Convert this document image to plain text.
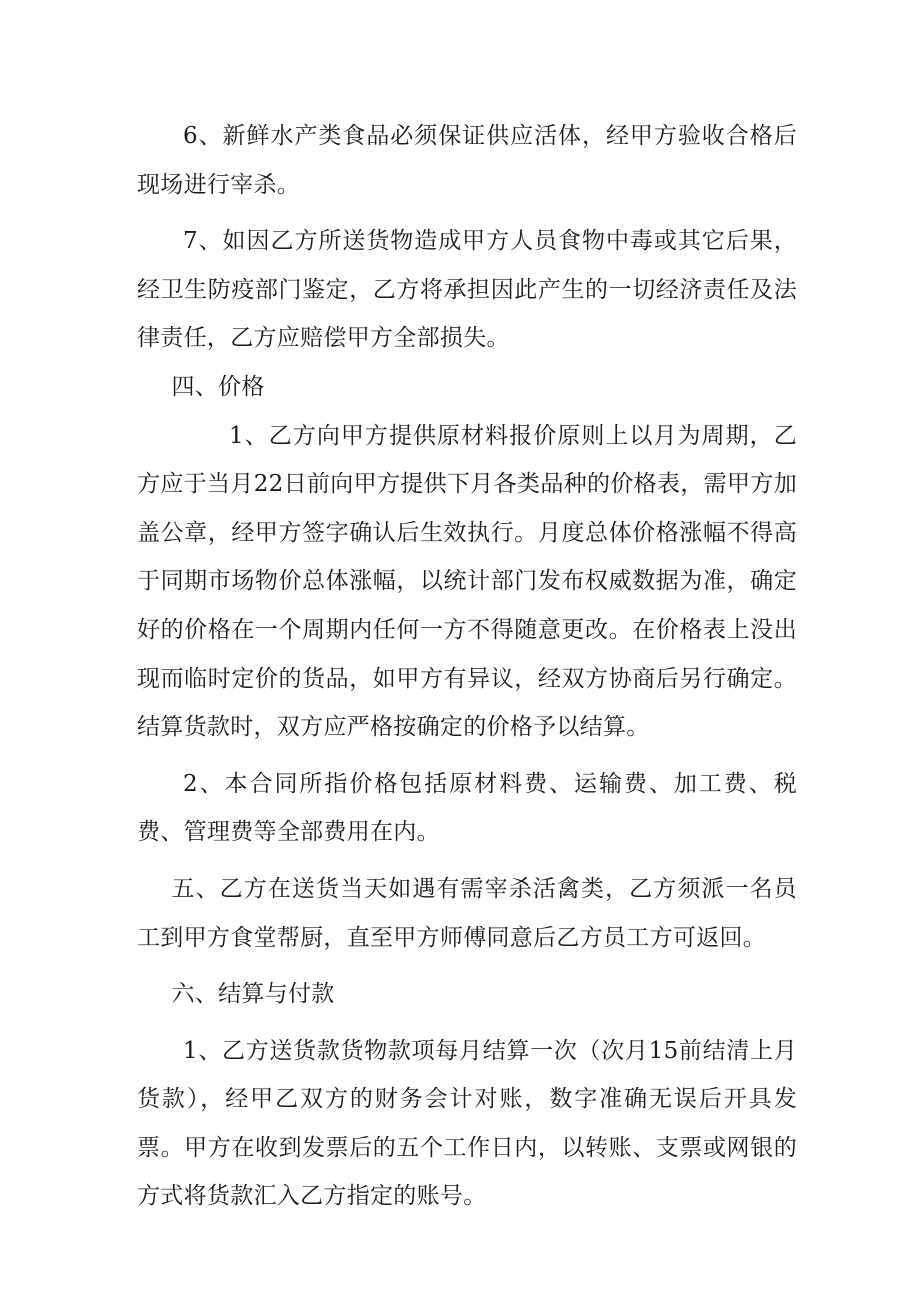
6、新鲜水产类食品必须保证供应活体，经甲方验收合格后现场进行宰杀。

7、如因乙方所送货物造成甲方人员食物中毒或其它后果，经卫生防疫部门鉴定，乙方将承担因此产生的一切经济责任及法律责任，乙方应赔偿甲方全部损失。

四、价格

1、乙方向甲方提供原材料报价原则上以月为周期，乙方应于当月22日前向甲方提供下月各类品种的价格表，需甲方加盖公章，经甲方签字确认后生效执行。月度总体价格涨幅不得高于同期市场物价总体涨幅，以统计部门发布权威数据为准，确定好的价格在一个周期内任何一方不得随意更改。在价格表上没出现而临时定价的货品，如甲方有异议，经双方协商后另行确定。结算货款时，双方应严格按确定的价格予以结算。

2、本合同所指价格包括原材料费、运输费、加工费、税费、管理费等全部费用在内。

五、乙方在送货当天如遇有需宰杀活禽类，乙方须派一名员工到甲方食堂帮厨，直至甲方师傅同意后乙方员工方可返回。

六、结算与付款

1、乙方送货款货物款项每月结算一次（次月15前结清上月货款），经甲乙双方的财务会计对账，数字准确无误后开具发票。甲方在收到发票后的五个工作日内，以转账、支票或网银的方式将货款汇入乙方指定的账号。
